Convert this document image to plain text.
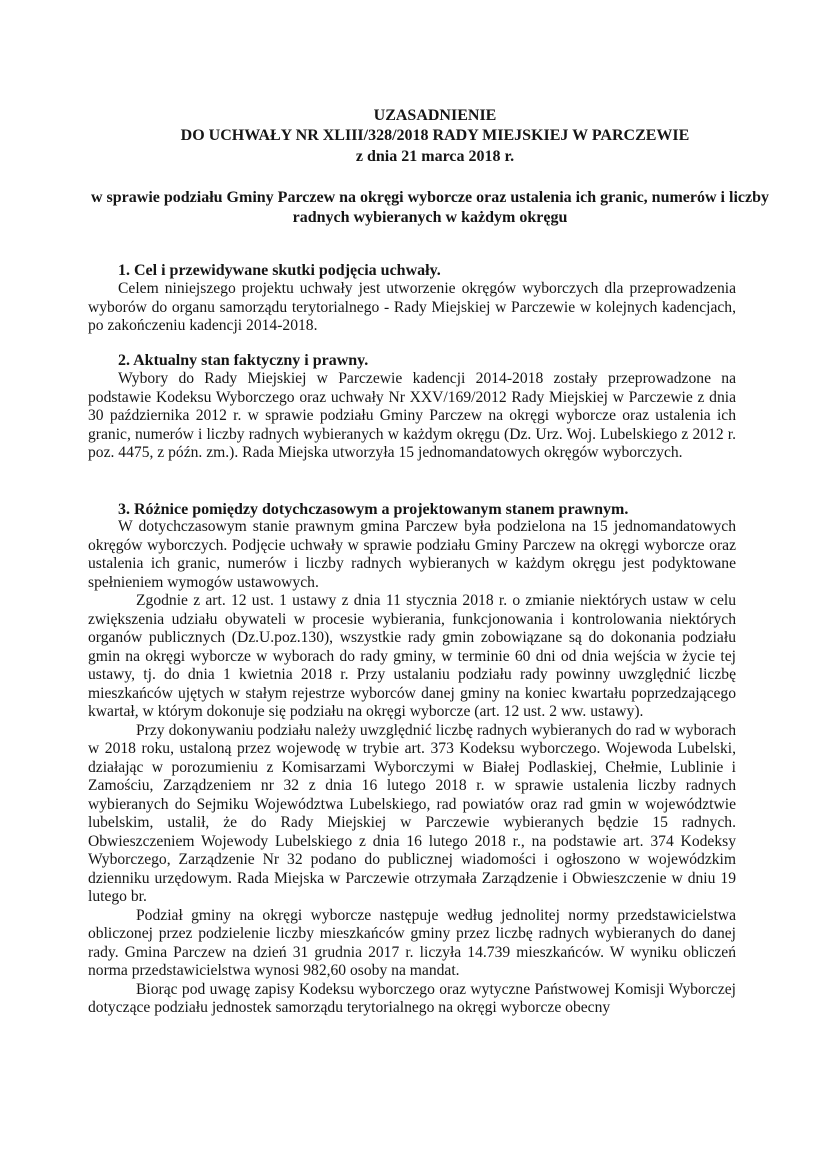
UZASADNIENIE
DO UCHWAŁY NR XLIII/328/2018 RADY MIEJSKIEJ W PARCZEWIE
z dnia 21 marca 2018 r.
w sprawie podziału Gminy Parczew na okręgi wyborcze oraz ustalenia ich granic, numerów i liczby radnych wybieranych w każdym okręgu
1. Cel i przewidywane skutki podjęcia uchwały.

Celem niniejszego projektu uchwały jest utworzenie okręgów wyborczych dla przeprowadzenia wyborów do organu samorządu terytorialnego - Rady Miejskiej w Parczewie w kolejnych kadencjach, po zakończeniu kadencji 2014-2018.

2. Aktualny stan faktyczny i prawny.

Wybory do Rady Miejskiej w Parczewie kadencji 2014-2018 zostały przeprowadzone na podstawie Kodeksu Wyborczego oraz uchwały Nr XXV/169/2012 Rady Miejskiej w Parczewie z dnia 30 października 2012 r. w sprawie podziału Gminy Parczew na okręgi wyborcze oraz ustalenia ich granic, numerów i liczby radnych wybieranych w każdym okręgu (Dz. Urz. Woj. Lubelskiego z 2012 r. poz. 4475, z późn. zm.). Rada Miejska utworzyła 15 jednomandatowych okręgów wyborczych.

3. Różnice pomiędzy dotychczasowym a projektowanym stanem prawnym.

W dotychczasowym stanie prawnym gmina Parczew była podzielona na 15 jednomandatowych okręgów wyborczych. Podjęcie uchwały w sprawie podziału Gminy Parczew na okręgi wyborcze oraz ustalenia ich granic, numerów i liczby radnych wybieranych w każdym okręgu jest podyktowane spełnieniem wymogów ustawowych.

Zgodnie z art. 12 ust. 1 ustawy z dnia 11 stycznia 2018 r. o zmianie niektórych ustaw w celu zwiększenia udziału obywateli w procesie wybierania, funkcjonowania i kontrolowania niektórych organów publicznych (Dz.U.poz.130), wszystkie rady gmin zobowiązane są do dokonania podziału gmin na okręgi wyborcze w wyborach do rady gminy, w terminie 60 dni od dnia wejścia w życie tej ustawy, tj. do dnia 1 kwietnia 2018 r. Przy ustalaniu podziału rady powinny uwzględnić liczbę mieszkańców ujętych w stałym rejestrze wyborców danej gminy na koniec kwartału poprzedzającego kwartał, w którym dokonuje się podziału na okręgi wyborcze (art. 12 ust. 2 ww. ustawy).

Przy dokonywaniu podziału należy uwzględnić liczbę radnych wybieranych do rad w wyborach w 2018 roku, ustaloną przez wojewodę w trybie art. 373 Kodeksu wyborczego. Wojewoda Lubelski, działając w porozumieniu z Komisarzami Wyborczymi w Białej Podlaskiej, Chełmie, Lublinie i Zamościu, Zarządzeniem nr 32 z dnia 16 lutego 2018 r. w sprawie ustalenia liczby radnych wybieranych do Sejmiku Województwa Lubelskiego, rad powiatów oraz rad gmin w województwie lubelskim, ustalił, że do Rady Miejskiej w Parczewie wybieranych będzie 15 radnych. Obwieszczeniem Wojewody Lubelskiego z dnia 16 lutego 2018 r., na podstawie art. 374 Kodeksy Wyborczego, Zarządzenie Nr 32 podano do publicznej wiadomości i ogłoszono w wojewódzkim dzienniku urzędowym. Rada Miejska w Parczewie otrzymała Zarządzenie i Obwieszczenie w dniu 19 lutego br.

Podział gminy na okręgi wyborcze następuje według jednolitej normy przedstawicielstwa obliczonej przez podzielenie liczby mieszkańców gminy przez liczbę radnych wybieranych do danej rady. Gmina Parczew na dzień 31 grudnia 2017 r. liczyła 14.739 mieszkańców. W wyniku obliczeń norma przedstawicielstwa wynosi 982,60 osoby na mandat.

Biorąc pod uwagę zapisy Kodeksu wyborczego oraz wytyczne Państwowej Komisji Wyborczej dotyczące podziału jednostek samorządu terytorialnego na okręgi wyborcze obecny
